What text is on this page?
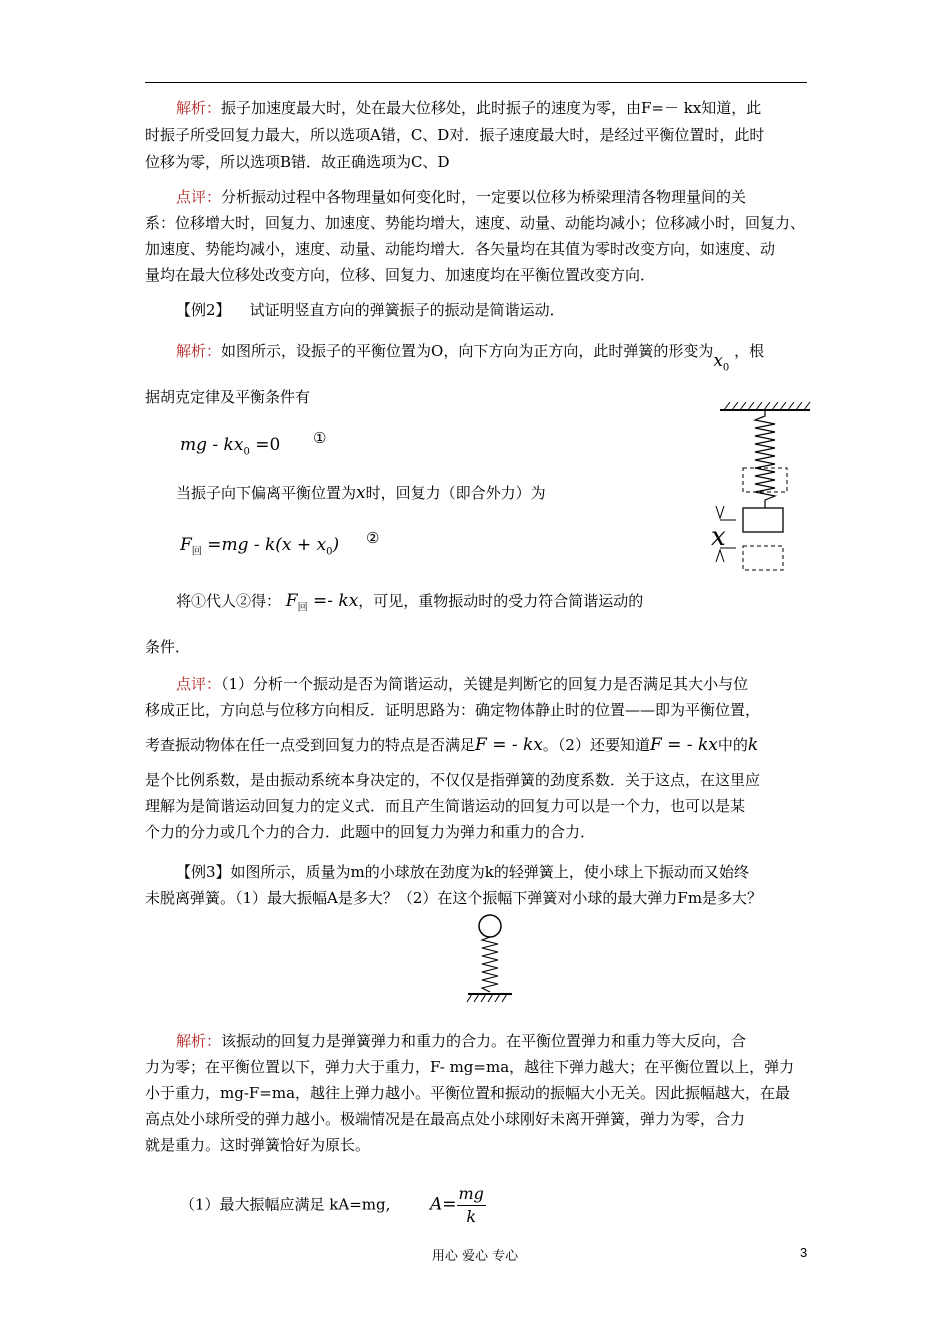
解析：振子加速度最大时，处在最大位移处，此时振子的速度为零，由F=－ kx知道，此
时振子所受回复力最大，所以选项A错，C、D对．振子速度最大时，是经过平衡位置时，此时
位移为零，所以选项B错．故正确选项为C、D
点评：分析振动过程中各物理量如何变化时，一定要以位移为桥梁理清各物理量间的关
系：位移增大时，回复力、加速度、势能均增大，速度、动量、动能均减小；位移减小时，回复力、
加速度、势能均减小，速度、动量、动能均增大．各矢量均在其值为零时改变方向，如速度、动
量均在最大位移处改变方向，位移、回复力、加速度均在平衡位置改变方向．
【例2】 试证明竖直方向的弹簧振子的振动是简谐运动．
解析：如图所示，设振子的平衡位置为O，向下方向为正方向，此时弹簧的形变为$x_0$ ，根
据胡克定律及平衡条件有
mg - $kx_0 =0$ ①
当振子向下偏离平衡位置为x时，回复力（即合外力）为
$F_回 =mg - k(x + x_0)$ ②
将①代人②得： $F_回$ =- kx，可见，重物振动时的受力符合简谐运动的
条件．
x
点评：（1）分析一个振动是否为简谐运动，关键是判断它的回复力是否满足其大小与位
移成正比，方向总与位移方向相反．证明思路为：确定物体静止时的位置——即为平衡位置，
考查振动物体在任一点受到回复力的特点是否满足F = - kx。（2）还要知道F = - kx中的k
是个比例系数，是由振动系统本身决定的，不仅仅是指弹簧的劲度系数．关于这点，在这里应
理解为是简谐运动回复力的定义式．而且产生简谐运动的回复力可以是一个力，也可以是某
个力的分力或几个力的合力．此题中的回复力为弹力和重力的合力．
【例3】如图所示，质量为m的小球放在劲度为k的轻弹簧上，使小球上下振动而又始终
未脱离弹簧。（1）最大振幅A是多大？（2）在这个振幅下弹簧对小球的最大弹力Fm是多大？
解析：该振动的回复力是弹簧弹力和重力的合力。在平衡位置弹力和重力等大反向，合
力为零；在平衡位置以下，弹力大于重力，F- mg=ma，越往下弹力越大；在平衡位置以上，弹力
小于重力，mg-F=ma，越往上弹力越小。平衡位置和振动的振幅大小无关。因此振幅越大，在最
高点处小球所受的弹力越小。极端情况是在最高点处小球刚好未离开弹簧，弹力为零，合力
就是重力。这时弹簧恰好为原长。
（1）最大振幅应满足 kA=mg, $A= \frac{mg}{k}$
用心 爱心 专心	3
